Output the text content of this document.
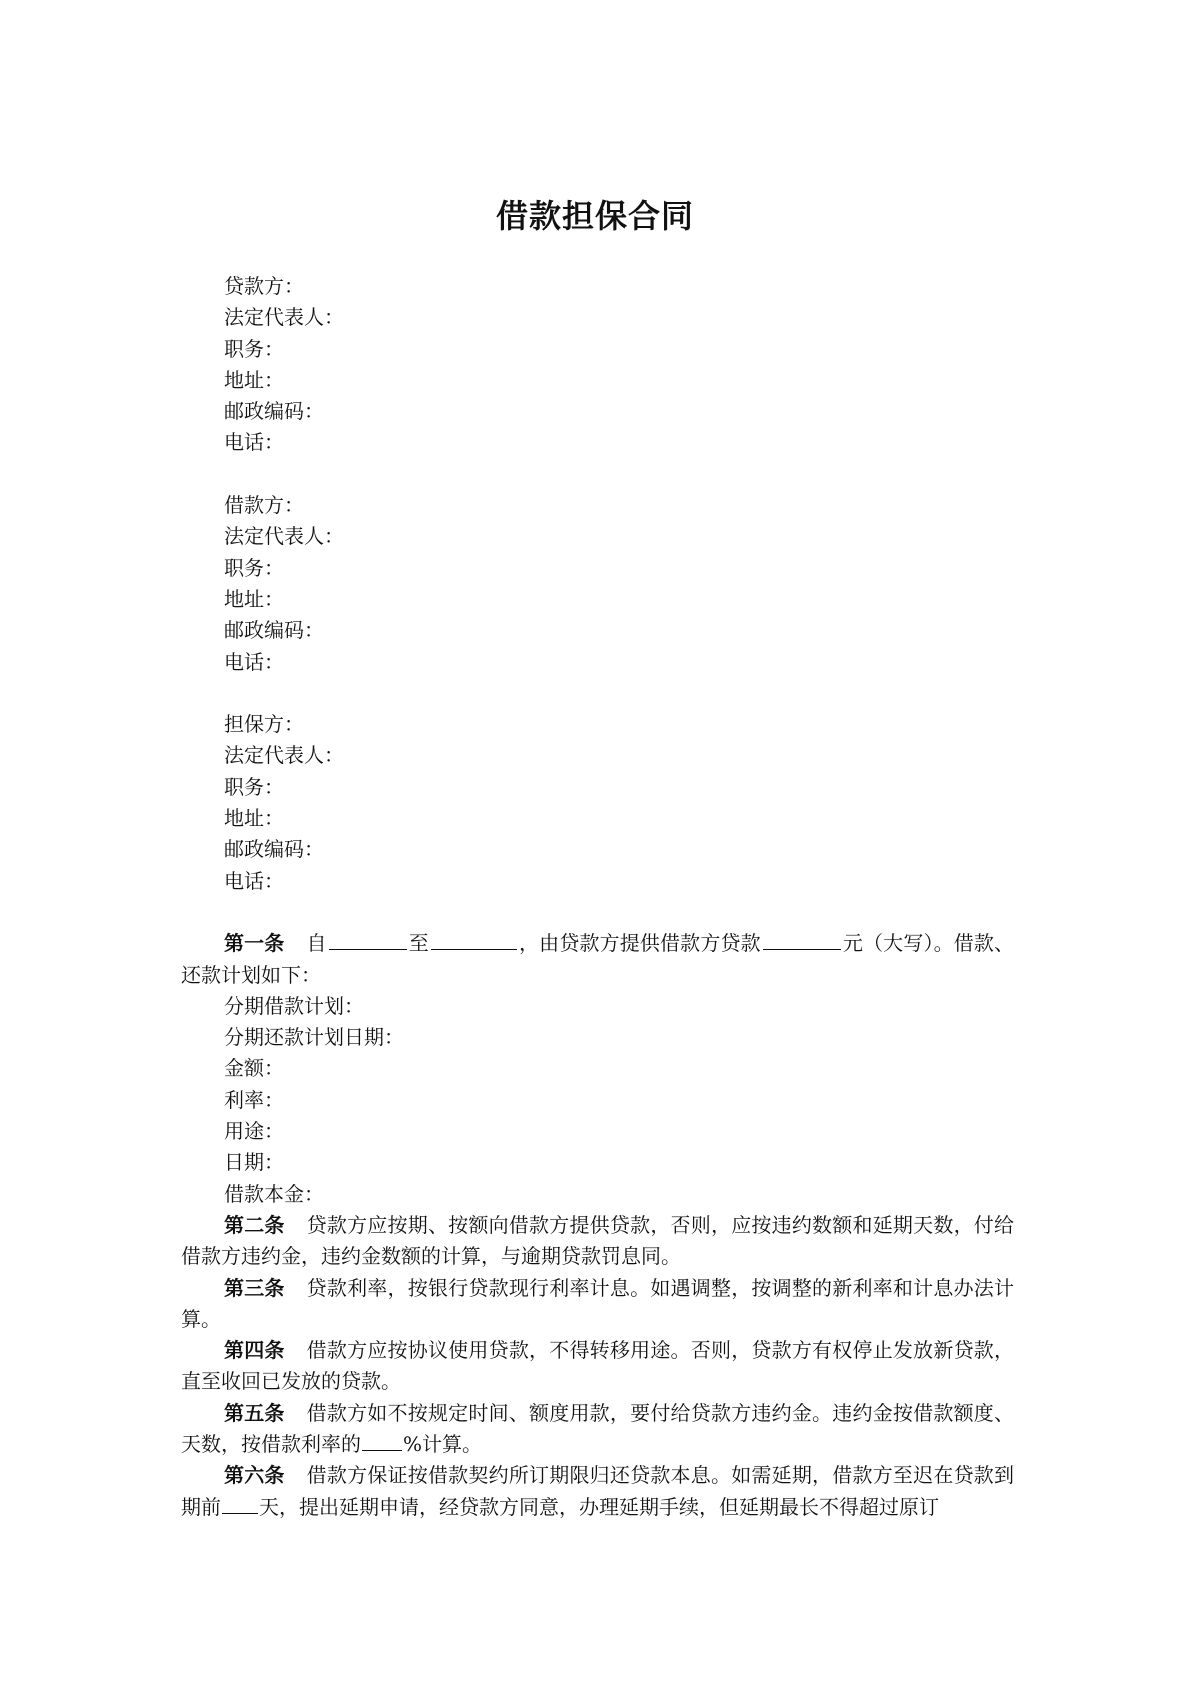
借款担保合同
贷款方：
法定代表人：
职务：
地址：
邮政编码：
电话：
借款方：
法定代表人：
职务：
地址：
邮政编码：
电话：
担保方：
法定代表人：
职务：
地址：
邮政编码：
电话：

第一条 自	至	，由贷款方提供借款方贷款	元（大写）。借款、还款计划如下：

分期借款计划：
分期还款计划日期：
金额：
利率：
用途：
日期：
借款本金：

第二条 贷款方应按期、按额向借款方提供贷款，否则，应按违约数额和延期天数，付给借款方违约金，违约金数额的计算，与逾期贷款罚息同。

第三条 贷款利率，按银行贷款现行利率计息。如遇调整，按调整的新利率和计息办法计算。

第四条 借款方应按协议使用贷款，不得转移用途。否则，贷款方有权停止发放新贷款，直至收回已发放的贷款。

第五条 借款方如不按规定时间、额度用款，要付给贷款方违约金。违约金按借款额度、天数，按借款利率的 %计算。

第六条 借款方保证按借款契约所订期限归还贷款本息。如需延期，借款方至迟在贷款到期前 天，提出延期申请，经贷款方同意，办理延期手续，但延期最长不得超过原订
